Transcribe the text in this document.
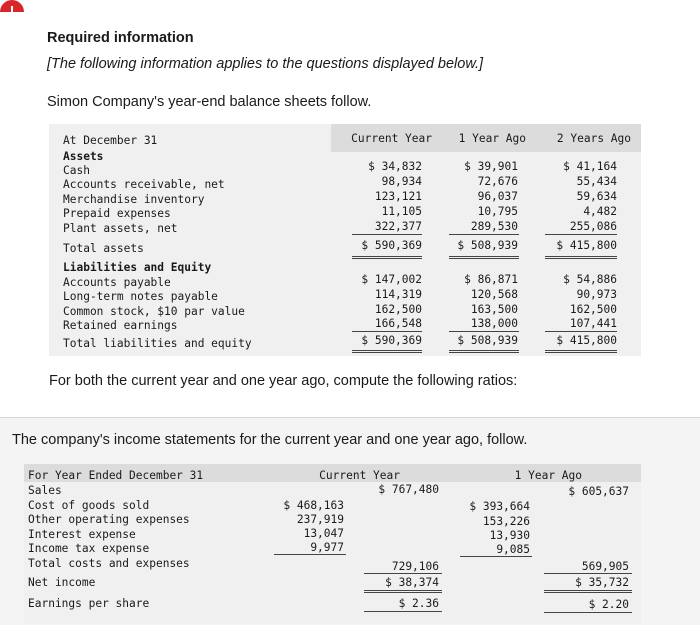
Required information
[The following information applies to the questions displayed below.]
Simon Company's year-end balance sheets follow.
At December 31	Current Year	1 Year Ago	2 Years Ago
Assets
Cash	$ 34,832	$ 39,901	$ 41,164
Accounts receivable, net	98,934	72,676	55,434
Merchandise inventory	123,121	96,037	59,634
Prepaid expenses	11,105	10,795	4,482
Plant assets, net	322,377	289,530	255,086
Total assets	$ 590,369	$ 508,939	$ 415,800
Liabilities and Equity
Accounts payable	$ 147,002	$ 86,871	$ 54,886
Long-term notes payable	114,319	120,568	90,973
Common stock, $10 par value	162,500	163,500	162,500
Retained earnings	166,548	138,000	107,441
Total liabilities and equity	$ 590,369	$ 508,939	$ 415,800
For both the current year and one year ago, compute the following ratios:
The company's income statements for the current year and one year ago, follow.
For Year Ended December 31	Current Year	1 Year Ago
Sales	$ 767,480	$ 605,637
Cost of goods sold	$ 468,163	$ 393,664
Other operating expenses	237,919	153,226
Interest expense	13,047	13,930
Income tax expense	9,977	9,085
Total costs and expenses	729,106	569,905
Net income	$ 38,374	$ 35,732
Earnings per share	$ 2.36	$ 2.20
